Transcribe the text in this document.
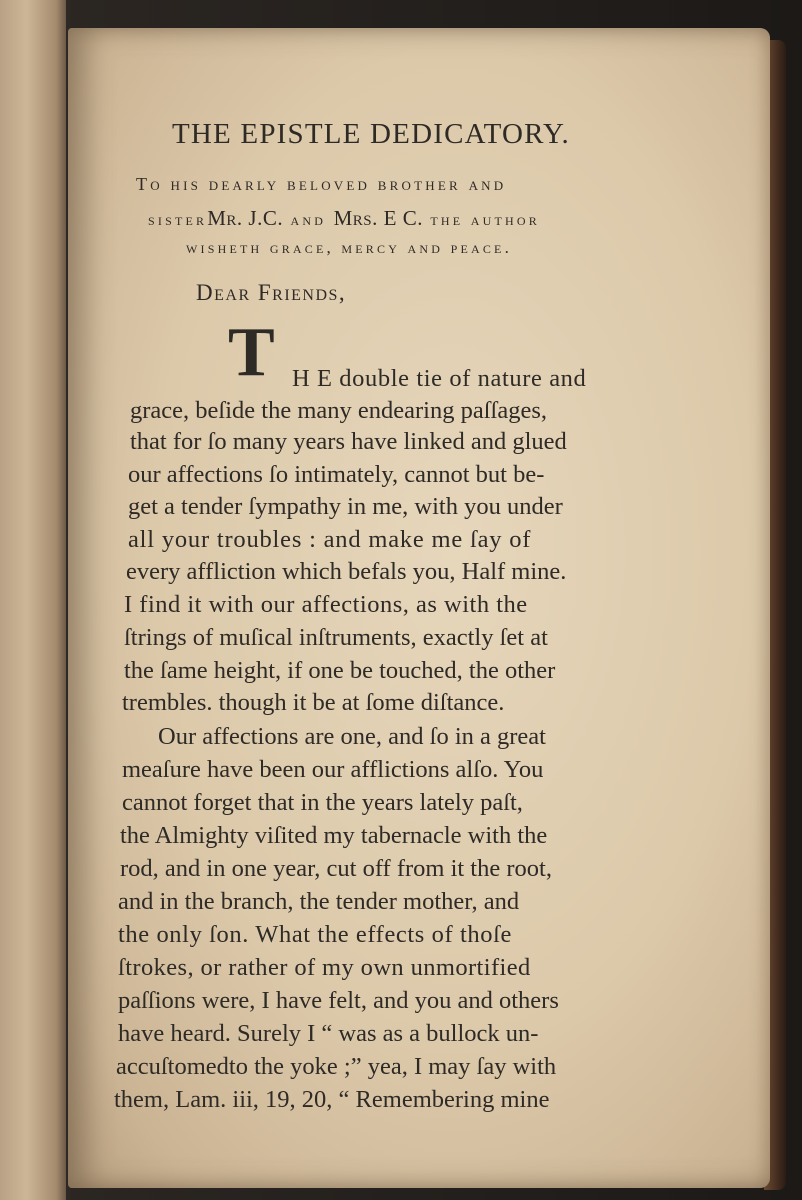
THE EPISTLE DEDICATORY.
To his dearly beloved brother and
sisterMr. J.C. and Mrs. E C. the author
wisheth grace, mercy and peace.
Dear Friends,
T H E double tie of nature and
grace, beſide the many endearing paſſages,
that for ſo many years have linked and glued
our affections ſo intimately, cannot but be-
get a tender ſympathy in me, with you under
all your troubles : and make me ſay of
every affliction which befals you, Half mine.
I find it with our affections, as with the
ſtrings of muſical inſtruments, exactly ſet at
the ſame height, if one be touched, the other
trembles. though it be at ſome diſtance.
Our affections are one, and ſo in a great
meaſure have been our afflictions alſo. You
cannot forget that in the years lately paſt,
the Almighty viſited my tabernacle with the
rod, and in one year, cut off from it the root,
and in the branch, the tender mother, and
the only ſon. What the effects of thoſe
ſtrokes, or rather of my own unmortified
paſſions were, I have felt, and you and others
have heard. Surely I “ was as a bullock un-
accuſtomedto the yoke ;” yea, I may ſay with
them, Lam. iii, 19, 20, “ Remembering mine
